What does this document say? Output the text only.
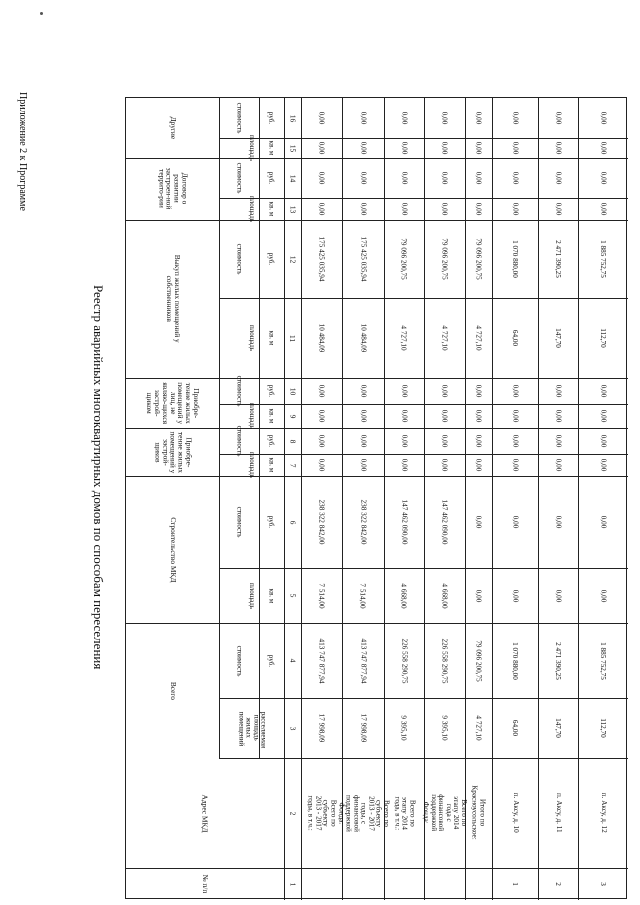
Приложение 2 к Программе
Реестр аварийных многоквартирных домов по способам переселения
Другие
Договор о развитии застроен-ной террито-рии
Выкуп жилых помещений у собственников
Приобре-тение жилых помещений у лиц, не являю-щихся застрой-щиком
Приобре-тение жилых помещений у застрой-щиков
Строительство МКД
Всего
Адрес МКД
№ п/п
стоимость
площадь
руб.
кв. м
стоимость
площадь
руб.
кв. м
стоимость
площадь
руб.
кв. м
стоимость
площадь
руб.
кв. м
стоимость
площадь
руб.
кв. м
стоимость
площадь
руб.
кв. м
стоимость
расселяемая площадь жилых помещений
руб.
1
2
3
4
5
6
7
8
9
10
11
12
13
14
15
16
Всего по субъекту 2013 - 2017 годы, в т.ч.:
17 998,09
413 747 877,94
7 514,00
238 322 842,00
0,00
0,00
0,00
0,00
10 484,09
175 425 035,94
0,00
0,00
0,00
0,00
Всего по субъекту 2013 - 2017 годы, с финансовой поддержкой Фонда:
17 998,09
413 747 877,94
7 514,00
238 322 842,00
0,00
0,00
0,00
0,00
10 484,09
175 425 035,94
0,00
0,00
0,00
0,00
Всего по этапу 2014 года, в т.ч.:
9 395,10
226 558 290,75
4 668,00
147 462 090,00
0,00
0,00
0,00
0,00
4 727,10
79 096 200,75
0,00
0,00
0,00
0,00
Всего по этапу 2014 года с финансовой поддержкой Фонда:
9 395,10
226 558 290,75
4 668,00
147 462 090,00
0,00
0,00
0,00
0,00
4 727,10
79 096 200,75
0,00
0,00
0,00
0,00
Итого по Красноусольское:
4 727,10
79 096 200,75
0,00
0,00
0,00
0,00
0,00
0,00
4 727,10
79 096 200,75
0,00
0,00
0,00
0,00
1
п. Аксу, д. 10
64,00
1 070 880,00
0,00
0,00
0,00
0,00
0,00
0,00
64,00
1 070 880,00
0,00
0,00
0,00
0,00
2
п. Аксу, д. 11
147,70
2 471 390,25
0,00
0,00
0,00
0,00
0,00
0,00
147,70
2 471 390,25
0,00
0,00
0,00
0,00
3
п. Аксу, д. 12
112,70
1 885 752,75
0,00
0,00
0,00
0,00
0,00
0,00
112,70
1 885 752,75
0,00
0,00
0,00
0,00
